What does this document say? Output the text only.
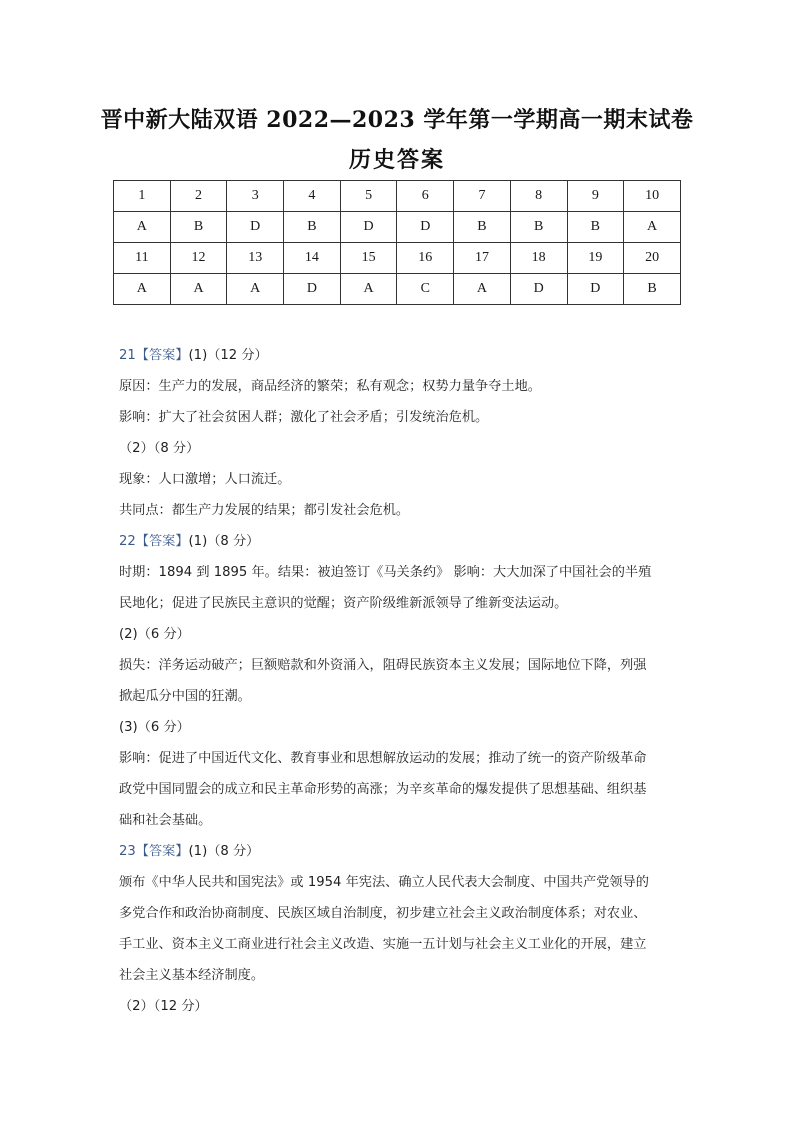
晋中新大陆双语 2022—2023 学年第一学期高一期末试卷
历史答案
1	2	3	4	5	6	7	8	9	10
A	B	D	B	D	D	B	B	B	A
11	12	13	14	15	16	17	18	19	20
A	A	A	D	A	C	A	D	D	B
21【答案】(1)（12 分）
原因：生产力的发展，商品经济的繁荣；私有观念；权势力量争夺土地。
影响：扩大了社会贫困人群；激化了社会矛盾；引发统治危机。
（2）（8 分）
现象：人口激增；人口流迁。
共同点：都生产力发展的结果；都引发社会危机。
22【答案】(1)（8 分）
时期：1894 到 1895 年。结果：被迫签订《马关条约》 影响：大大加深了中国社会的半殖
民地化；促进了民族民主意识的觉醒；资产阶级维新派领导了维新变法运动。
(2)（6 分）
损失：洋务运动破产；巨额赔款和外资涌入，阻碍民族资本主义发展；国际地位下降，列强
掀起瓜分中国的狂潮。
(3)（6 分）
影响：促进了中国近代文化、教育事业和思想解放运动的发展；推动了统一的资产阶级革命
政党中国同盟会的成立和民主革命形势的高涨；为辛亥革命的爆发提供了思想基础、组织基
础和社会基础。
23【答案】(1)（8 分）
颁布《中华人民共和国宪法》或 1954 年宪法、确立人民代表大会制度、中国共产党领导的
多党合作和政治协商制度、民族区域自治制度，初步建立社会主义政治制度体系；对农业、
手工业、资本主义工商业进行社会主义改造、实施一五计划与社会主义工业化的开展，建立
社会主义基本经济制度。
（2）（12 分）
